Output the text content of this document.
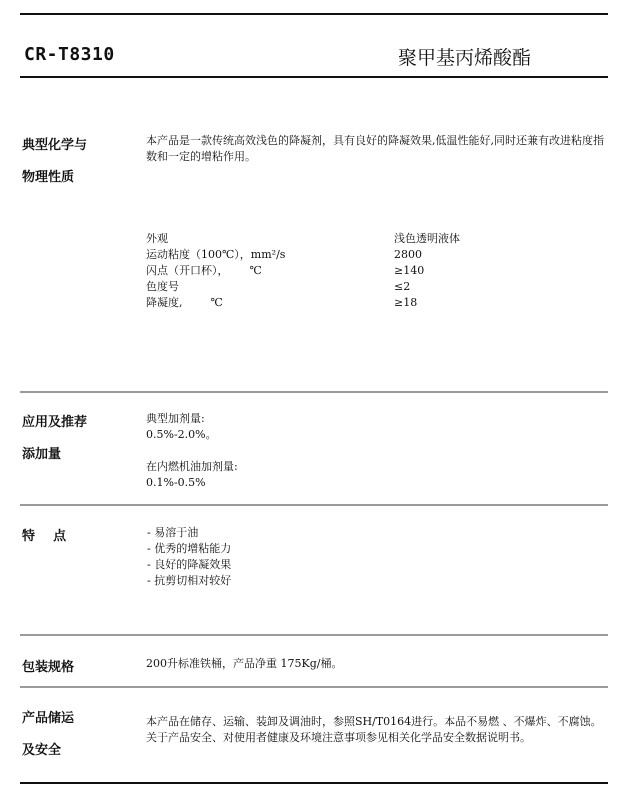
CR-T8310	聚甲基丙烯酸酯
典型化学与
物理性质
本产品是一款传统高效浅色的降凝剂，具有良好的降凝效果,低温性能好,同时还兼有改进粘度指数和一定的增粘作用。
外观	浅色透明液体
运动粘度（100℃），mm²/s	2800
闪点（开口杯），      ℃	≥140
色度号	≤2
降凝度,        ℃	≥18
应用及推荐
添加量
典型加剂量:
0.5%-2.0%。
在内燃机油加剂量:
0.1%-0.5%
特    点	- 易溶于油
- 优秀的增粘能力
- 良好的降凝效果
- 抗剪切相对较好
包装规格	200升标准铁桶，产品净重 175Kg/桶。
产品储运
及安全
本产品在储存、运输、装卸及调油时，参照SH/T0164进行。本品不易燃 、不爆炸、不腐蚀。关于产品安全、对使用者健康及环境注意事项参见相关化学品安全数据说明书。
